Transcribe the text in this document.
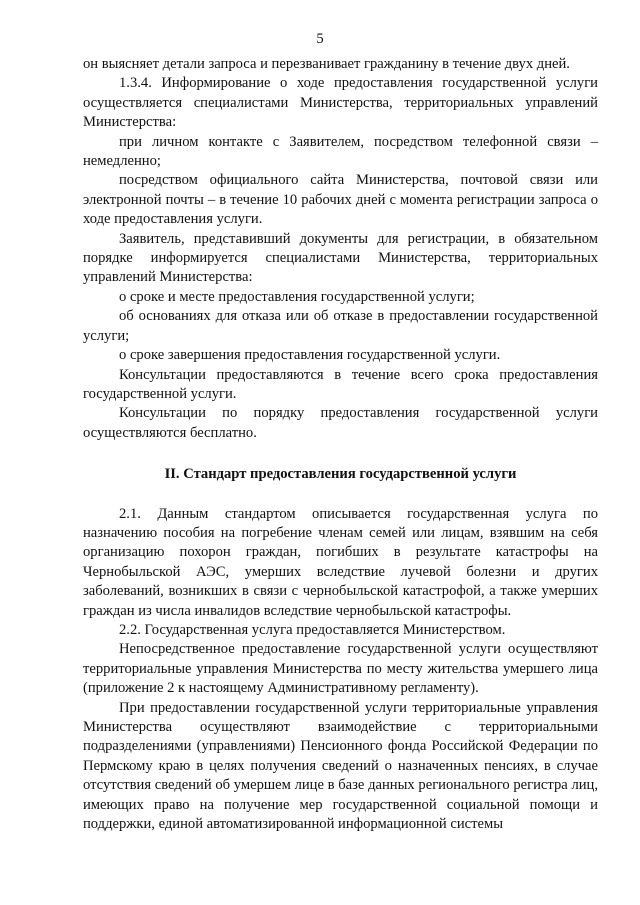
5

он выясняет детали запроса и перезванивает гражданину в течение двух дней.

1.3.4. Информирование о ходе предоставления государственной услуги осуществляется специалистами Министерства, территориальных управлений Министерства:

при личном контакте с Заявителем, посредством телефонной связи – немедленно;

посредством официального сайта Министерства, почтовой связи или электронной почты – в течение 10 рабочих дней с момента регистрации запроса о ходе предоставления услуги.

Заявитель, представивший документы для регистрации, в обязательном порядке информируется специалистами Министерства, территориальных управлений Министерства:

о сроке и месте предоставления государственной услуги;

об основаниях для отказа или об отказе в предоставлении государственной услуги;

о сроке завершения предоставления государственной услуги.

Консультации предоставляются в течение всего срока предоставления государственной услуги.

Консультации по порядку предоставления государственной услуги осуществляются бесплатно.

II. Стандарт предоставления государственной услуги

2.1. Данным стандартом описывается государственная услуга по назначению пособия на погребение членам семей или лицам, взявшим на себя организацию похорон граждан, погибших в результате катастрофы на Чернобыльской АЭС, умерших вследствие лучевой болезни и других заболеваний, возникших в связи с чернобыльской катастрофой, а также умерших граждан из числа инвалидов вследствие чернобыльской катастрофы.

2.2. Государственная услуга предоставляется Министерством.

Непосредственное предоставление государственной услуги осуществляют территориальные управления Министерства по месту жительства умершего лица (приложение 2 к настоящему Административному регламенту).

При предоставлении государственной услуги территориальные управления Министерства осуществляют взаимодействие с территориальными подразделениями (управлениями) Пенсионного фонда Российской Федерации по Пермскому краю в целях получения сведений о назначенных пенсиях, в случае отсутствия сведений об умершем лице в базе данных регионального регистра лиц, имеющих право на получение мер государственной социальной помощи и поддержки, единой автоматизированной информационной системы
